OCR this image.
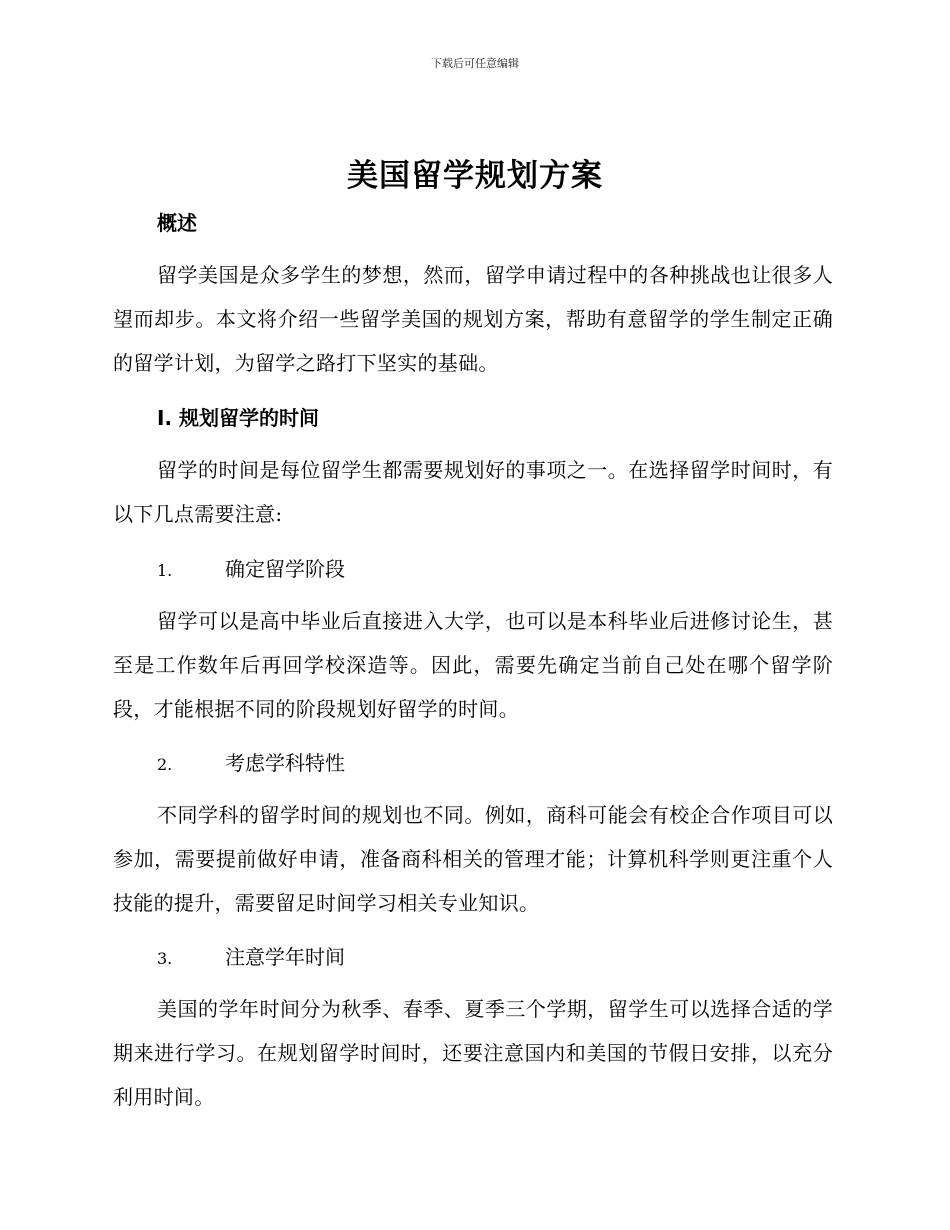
下载后可任意编辑
美国留学规划方案
概述
留学美国是众多学生的梦想，然而，留学申请过程中的各种挑战也让很多人望而却步。本文将介绍一些留学美国的规划方案，帮助有意留学的学生制定正确的留学计划，为留学之路打下坚实的基础。
I. 规划留学的时间
留学的时间是每位留学生都需要规划好的事项之一。在选择留学时间时，有以下几点需要注意:
1.	确定留学阶段
留学可以是高中毕业后直接进入大学，也可以是本科毕业后进修讨论生，甚至是工作数年后再回学校深造等。因此，需要先确定当前自己处在哪个留学阶段，才能根据不同的阶段规划好留学的时间。
2.	考虑学科特性
不同学科的留学时间的规划也不同。例如，商科可能会有校企合作项目可以参加，需要提前做好申请，准备商科相关的管理才能；计算机科学则更注重个人技能的提升，需要留足时间学习相关专业知识。
3.	注意学年时间
美国的学年时间分为秋季、春季、夏季三个学期，留学生可以选择合适的学期来进行学习。在规划留学时间时，还要注意国内和美国的节假日安排，以充分利用时间。
